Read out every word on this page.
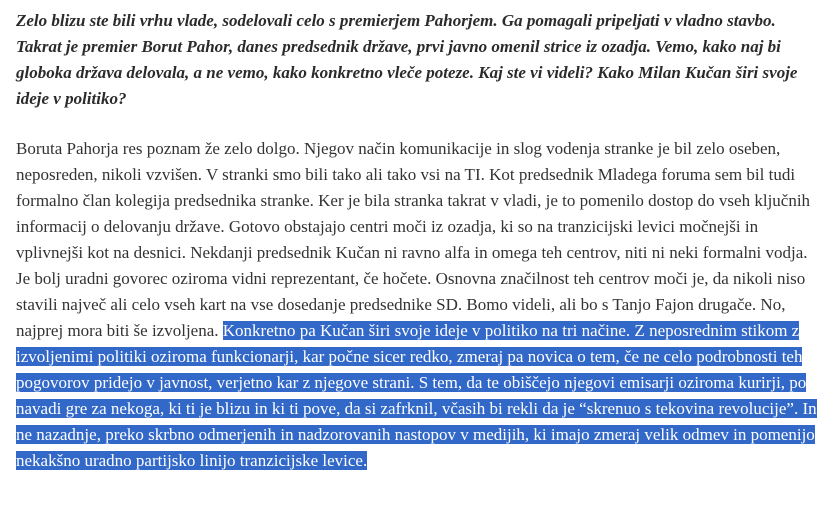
Zelo blizu ste bili vrhu vlade, sodelovali celo s premierjem Pahorjem. Ga pomagali pripeljati v vladno stavbo. Takrat je premier Borut Pahor, danes predsednik države, prvi javno omenil strice iz ozadja. Vemo, kako naj bi globoka država delovala, a ne vemo, kako konkretno vleče poteze. Kaj ste vi videli? Kako Milan Kučan širi svoje ideje v politiko?

Boruta Pahorja res poznam že zelo dolgo. Njegov način komunikacije in slog vodenja stranke je bil zelo oseben, neposreden, nikoli vzvišen. V stranki smo bili tako ali tako vsi na TI. Kot predsednik Mladega foruma sem bil tudi formalno član kolegija predsednika stranke. Ker je bila stranka takrat v vladi, je to pomenilo dostop do vseh ključnih informacij o delovanju države. Gotovo obstajajo centri moči iz ozadja, ki so na tranzicijski levici močnejši in vplivnejši kot na desnici. Nekdanji predsednik Kučan ni ravno alfa in omega teh centrov, niti ni neki formalni vodja. Je bolj uradni govorec oziroma vidni reprezentant, če hočete. Osnovna značilnost teh centrov moči je, da nikoli niso stavili največ ali celo vseh kart na vse dosedanje predsednike SD. Bomo videli, ali bo s Tanjo Fajon drugače. No, najprej mora biti še izvoljena. Konkretno pa Kučan širi svoje ideje v politiko na tri načine. Z neposrednim stikom z izvoljenimi politiki oziroma funkcionarji, kar počne sicer redko, zmeraj pa novica o tem, če ne celo podrobnosti teh pogovorov pridejo v javnost, verjetno kar z njegove strani. S tem, da te obiščejo njegovi emisarji oziroma kurirji, po navadi gre za nekoga, ki ti je blizu in ki ti pove, da si zafrknil, včasih bi rekli da je “skrenuo s tekovina revolucije”. In ne nazadnje, preko skrbno odmerjenih in nadzorovanih nastopov v medijih, ki imajo zmeraj velik odmev in pomenijo nekakšno uradno partijsko linijo tranzicijske levice.
